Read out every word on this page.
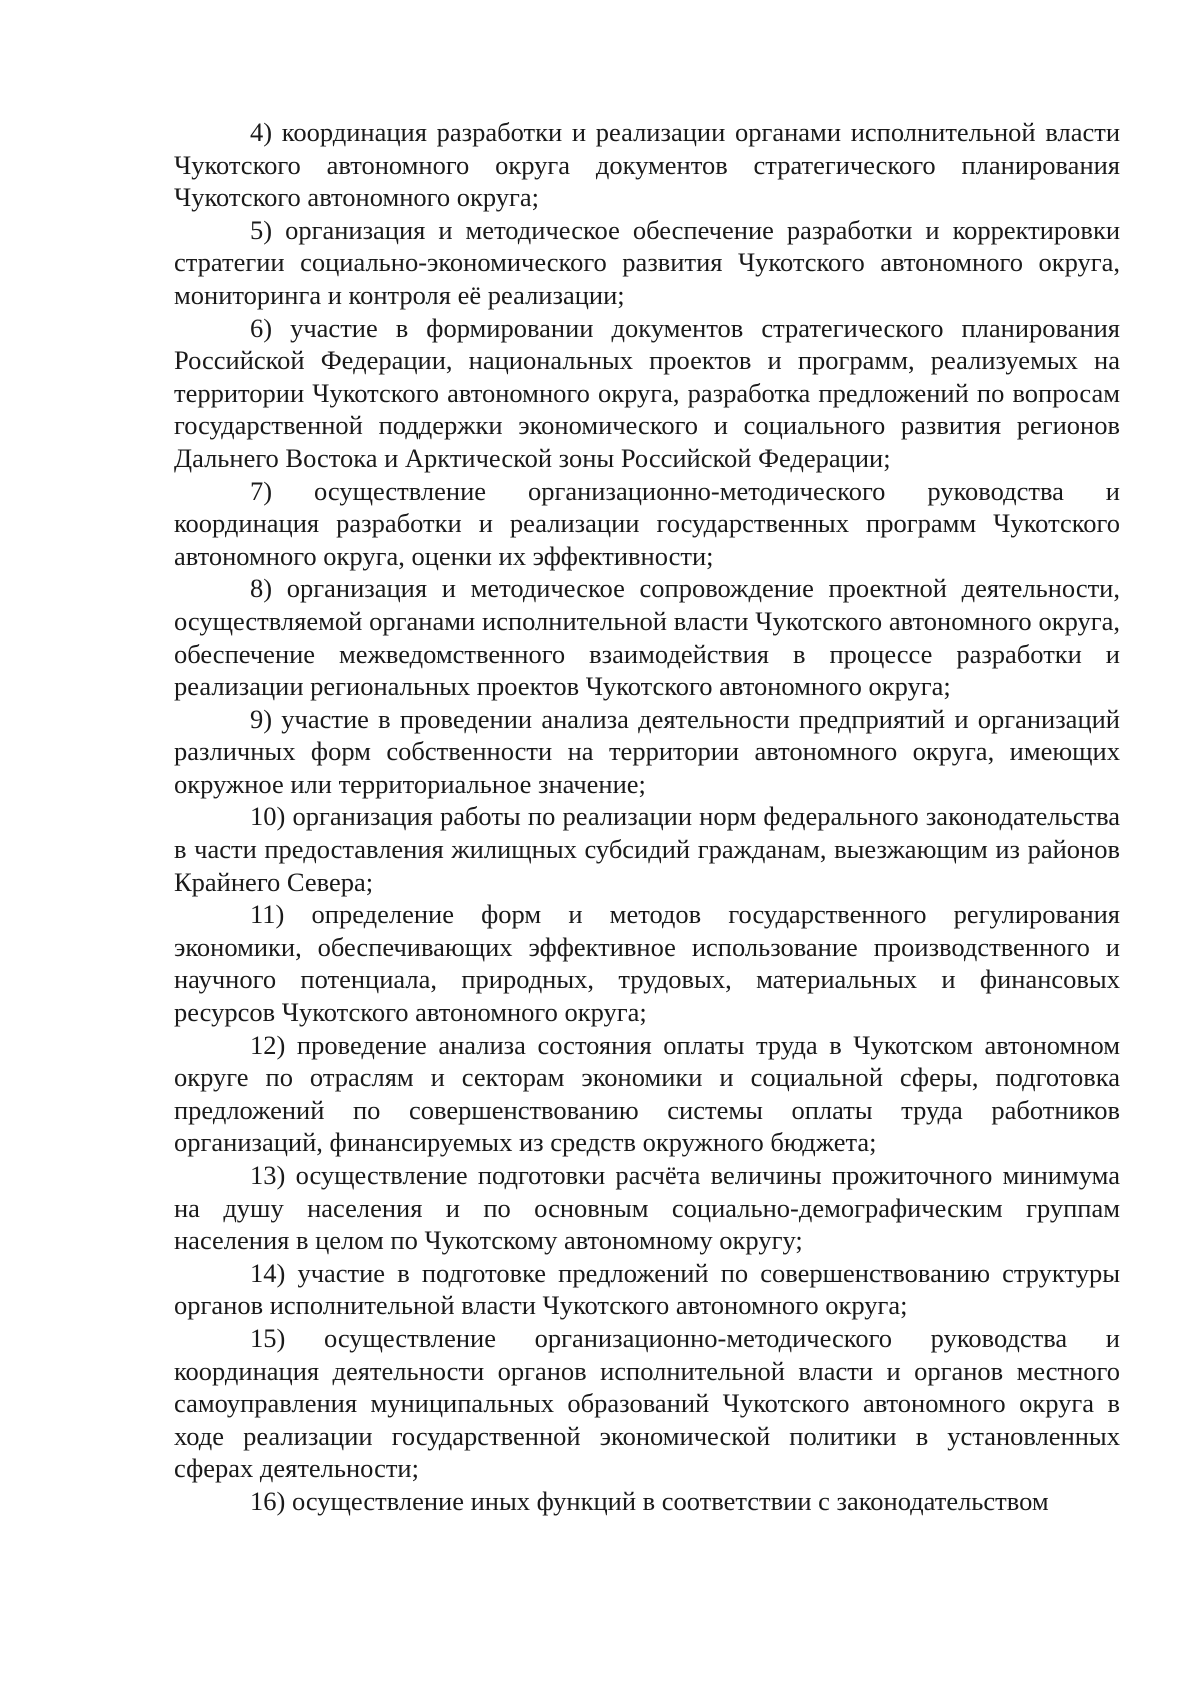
4) координация разработки и реализации органами исполнительной власти Чукотского автономного округа документов стратегического планирования Чукотского автономного округа;

5) организация и методическое обеспечение разработки и корректировки стратегии социально-экономического развития Чукотского автономного округа, мониторинга и контроля её реализации;

6) участие в формировании документов стратегического планирования Российской Федерации, национальных проектов и программ, реализуемых на территории Чукотского автономного округа, разработка предложений по вопросам государственной поддержки экономического и социального развития регионов Дальнего Востока и Арктической зоны Российской Федерации;

7) осуществление организационно-методического руководства и координация разработки и реализации государственных программ Чукотского автономного округа, оценки их эффективности;

8) организация и методическое сопровождение проектной деятельности, осуществляемой органами исполнительной власти Чукотского автономного округа, обеспечение межведомственного взаимодействия в процессе разработки и реализации региональных проектов Чукотского автономного округа;

9) участие в проведении анализа деятельности предприятий и организаций различных форм собственности на территории автономного округа, имеющих окружное или территориальное значение;

10) организация работы по реализации норм федерального законодательства в части предоставления жилищных субсидий гражданам, выезжающим из районов Крайнего Севера;

11) определение форм и методов государственного регулирования экономики, обеспечивающих эффективное использование производственного и научного потенциала, природных, трудовых, материальных и финансовых ресурсов Чукотского автономного округа;

12) проведение анализа состояния оплаты труда в Чукотском автономном округе по отраслям и секторам экономики и социальной сферы, подготовка предложений по совершенствованию системы оплаты труда работников организаций, финансируемых из средств окружного бюджета;

13) осуществление подготовки расчёта величины прожиточного минимума на душу населения и по основным социально-демографическим группам населения в целом по Чукотскому автономному округу;

14) участие в подготовке предложений по совершенствованию структуры органов исполнительной власти Чукотского автономного округа;

15) осуществление организационно-методического руководства и координация деятельности органов исполнительной власти и органов местного самоуправления муниципальных образований Чукотского автономного округа в ходе реализации государственной экономической политики в установленных сферах деятельности;

16) осуществление иных функций в соответствии с законодательством
